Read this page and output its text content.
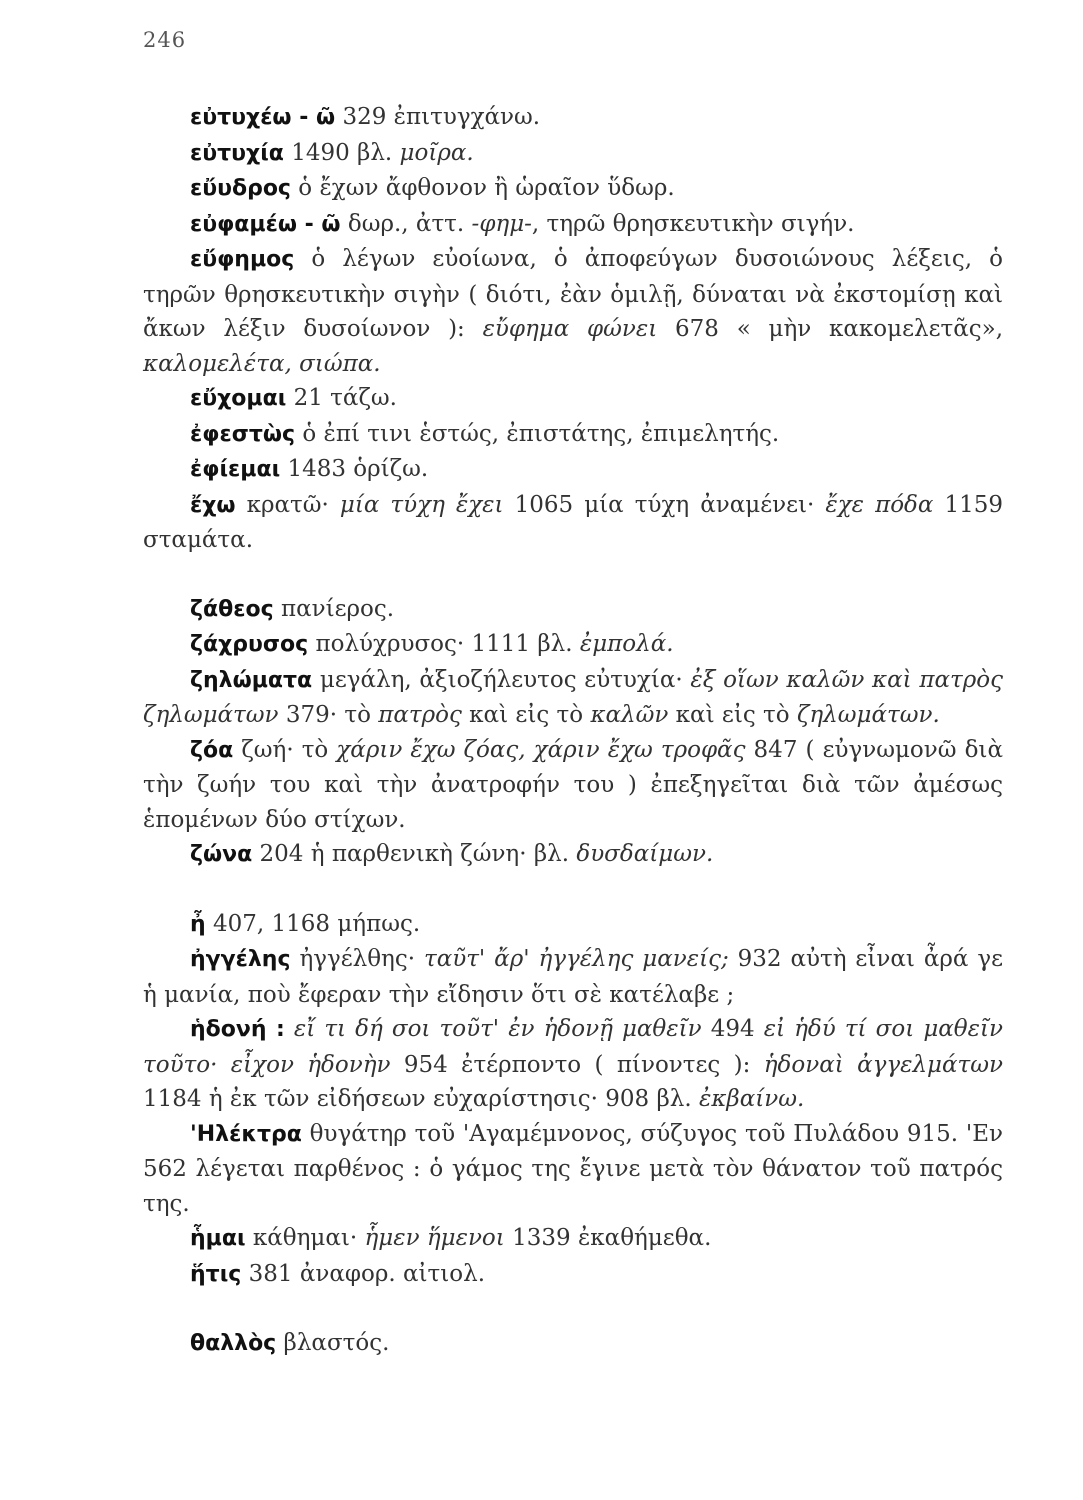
246

εὐτυχέω - ῶ 329 ἐπιτυγχάνω.

εὐτυχία 1490 βλ. μοῖρα.

εὔυδρος ὁ ἔχων ἄφθονον ἢ ὡραῖον ὕδωρ.

εὐφαμέω - ῶ δωρ., ἀττ. -φημ-, τηρῶ θρησκευτικὴν σιγήν.

εὔφημος ὁ λέγων εὐοίωνα, ὁ ἀποφεύγων δυσοιώνους λέξεις, ὁ τηρῶν θρησκευτικὴν σιγὴν ( διότι, ἐὰν ὁμιλῇ, δύναται νὰ ἐκστομίσῃ καὶ ἄκων λέξιν δυσοίωνον ): εὔφημα φώνει 678 « μὴν κακομελετᾶς», καλομελέτα, σιώπα.

εὔχομαι 21 τάζω.

ἐφεστὼς ὁ ἐπί τινι ἑστώς, ἐπιστάτης, ἐπιμελητής.

ἐφίεμαι 1483 ὁρίζω.

ἔχω κρατῶ· μία τύχη ἔχει 1065 μία τύχη ἀναμένει· ἔχε πόδα 1159 σταμάτα.

ζάθεος πανίερος.

ζάχρυσος πολύχρυσος· 1111 βλ. ἐμπολά.

ζηλώματα μεγάλη, ἀξιοζήλευτος εὐτυχία· ἐξ οἵων καλῶν καὶ πατρὸς ζηλωμάτων 379· τὸ πατρὸς καὶ εἰς τὸ καλῶν καὶ εἰς τὸ ζηλωμάτων.

ζόα ζωή· τὸ χάριν ἔχω ζόας, χάριν ἔχω τροφᾶς 847 ( εὐγνωμονῶ διὰ τὴν ζωήν του καὶ τὴν ἀνατροφήν του ) ἐπεξηγεῖται διὰ τῶν ἀμέσως ἑπομένων δύο στίχων.

ζώνα 204 ἡ παρθενικὴ ζώνη· βλ. δυσδαίμων.

ἦ 407, 1168 μήπως.

ἠγγέλης ἠγγέλθης· ταῦτ' ἄρ' ἠγγέλης μανείς; 932 αὐτὴ εἶναι ἆρά γε ἡ μανία, ποὺ ἔφεραν τὴν εἴδησιν ὅτι σὲ κατέλαβε ;

ἡδονή : εἴ τι δή σοι τοῦτ' ἐν ἡδονῇ μαθεῖν 494 εἰ ἡδύ τί σοι μαθεῖν τοῦτο· εἶχον ἡδονὴν 954 ἐτέρποντο ( πίνοντες ): ἡδοναὶ ἀγγελμάτων 1184 ἡ ἐκ τῶν εἰδήσεων εὐχαρίστησις· 908 βλ. ἐκβαίνω.

'Ηλέκτρα θυγάτηρ τοῦ 'Αγαμέμνονος, σύζυγος τοῦ Πυλάδου 915. 'Εν 562 λέγεται παρθένος : ὁ γάμος της ἔγινε μετὰ τὸν θάνατον τοῦ πατρός της.

ἧμαι κάθημαι· ἧμεν ἥμενοι 1339 ἐκαθήμεθα.

ἥτις 381 ἀναφορ. αἰτιολ.

θαλλὸς βλαστός.
